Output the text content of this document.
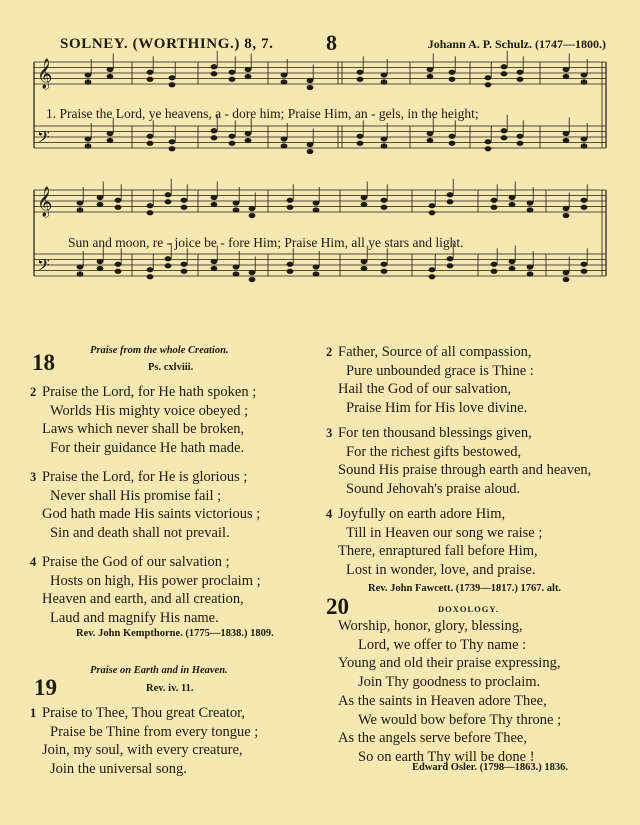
SOLNEY. (WORTHING.) 8, 7. 8	Johann A. P. Schulz. (1747—1800.)
𝄞
𝄢
𝄞
𝄢
1. Praise the Lord, ye heavens, a - dore him; Praise Him, an - gels, in the height;
Sun and moon, re - joice be - fore Him; Praise Him, all ye stars and light.
18	Praise from the whole Creation.
Ps. cxlviii.
2 Praise the Lord, for He hath spoken ;
Worlds His mighty voice obeyed ;
Laws which never shall be broken,
For their guidance He hath made.
3 Praise the Lord, for He is glorious ;
Never shall His promise fail ;
God hath made His saints victorious ;
Sin and death shall not prevail.
4 Praise the God of our salvation ;
Hosts on high, His power proclaim ;
Heaven and earth, and all creation,
Laud and magnify His name.
Rev. John Kempthorne. (1775—1838.) 1809.
19
Praise on Earth and in Heaven.
Rev. iv. 11.
1 Praise to Thee, Thou great Creator,
Praise be Thine from every tongue ;
Join, my soul, with every creature,
Join the universal song.
2 Father, Source of all compassion,
Pure unbounded grace is Thine :
Hail the God of our salvation,
Praise Him for His love divine.
3 For ten thousand blessings given,
For the richest gifts bestowed,
Sound His praise through earth and heaven,
Sound Jehovah's praise aloud.
4 Joyfully on earth adore Him,
Till in Heaven our song we raise ;
There, enraptured fall before Him,
Lost in wonder, love, and praise.
Rev. John Fawcett. (1739—1817.) 1767. alt.
20	DOXOLOGY.
Worship, honor, glory, blessing,
Lord, we offer to Thy name :
Young and old their praise expressing,
Join Thy goodness to proclaim.
As the saints in Heaven adore Thee,
We would bow before Thy throne ;
As the angels serve before Thee,
So on earth Thy will be done !
Edward Osler. (1798—1863.) 1836.
